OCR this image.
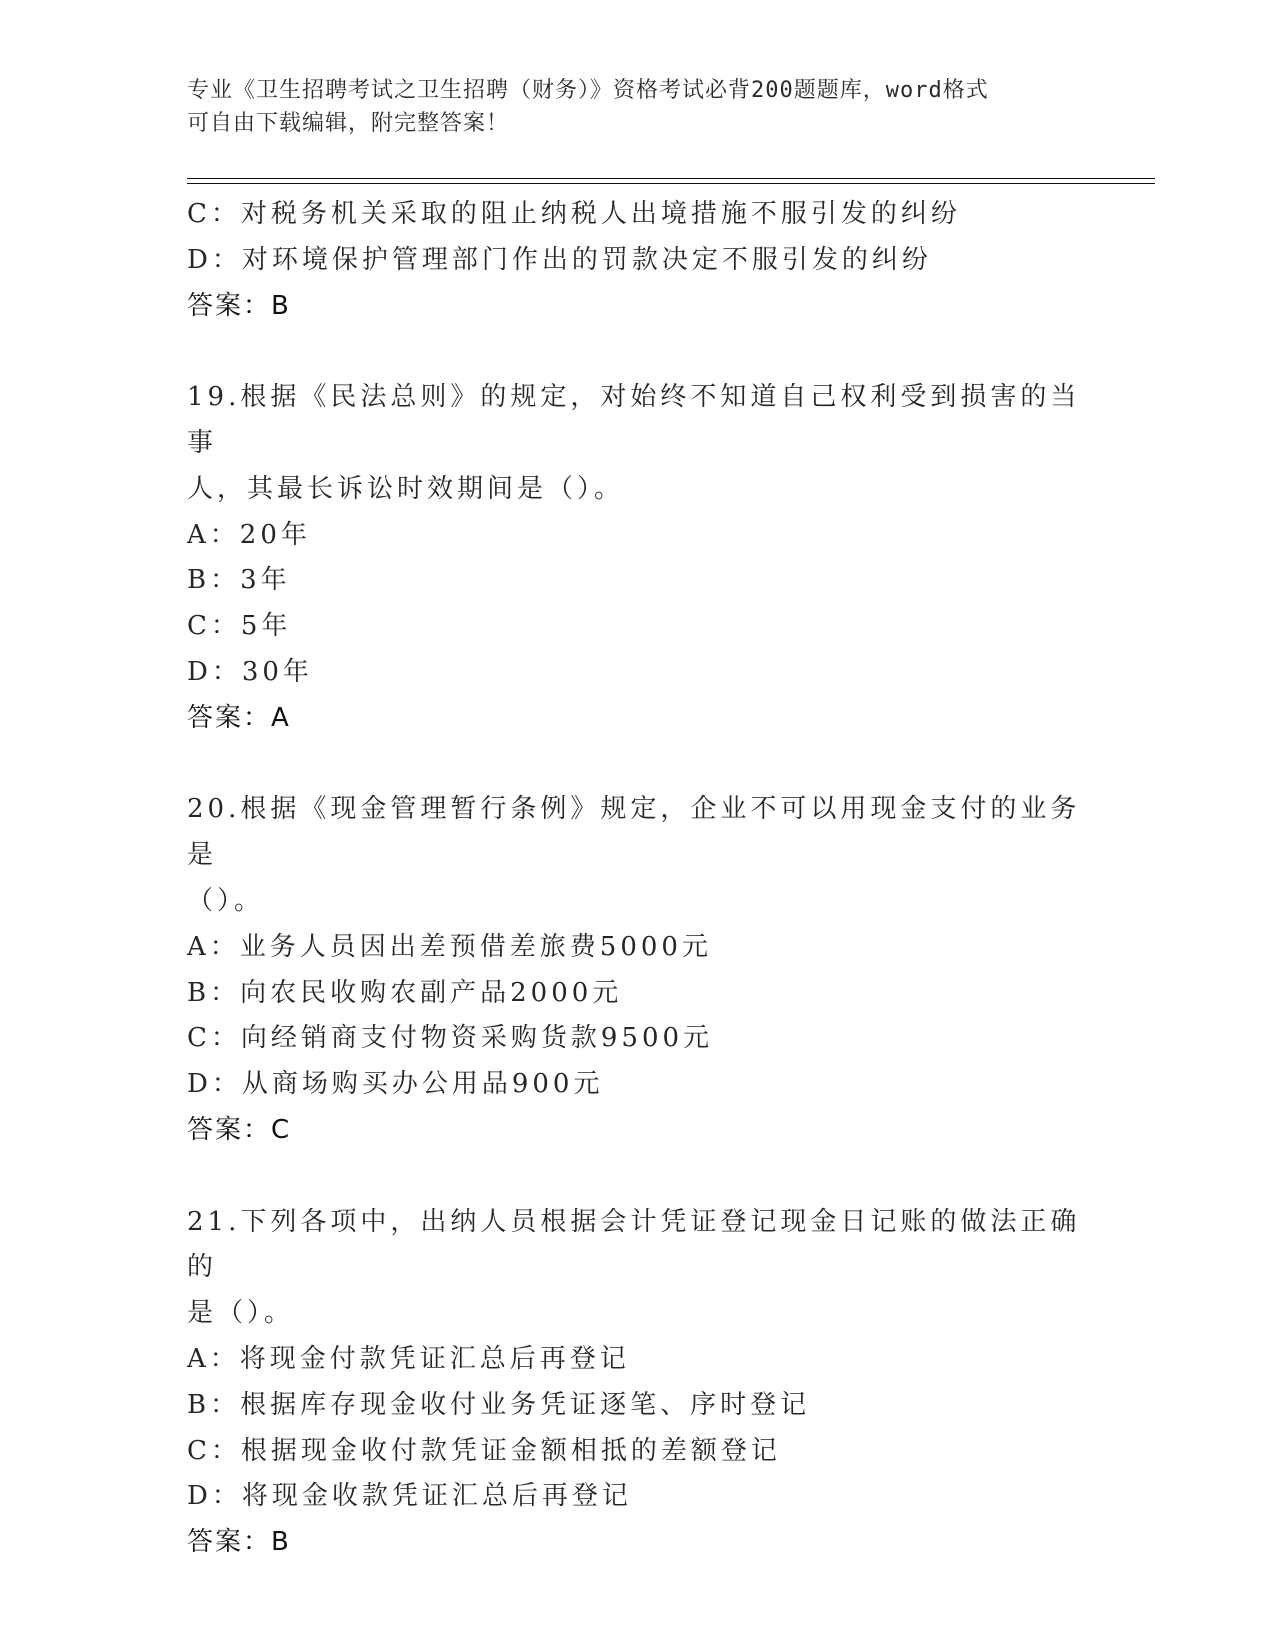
专业《卫生招聘考试之卫生招聘（财务）》资格考试必背200题题库，word格式
可自由下载编辑，附完整答案！
C：对税务机关采取的阻止纳税人出境措施不服引发的纠纷
D：对环境保护管理部门作出的罚款决定不服引发的纠纷
答案：B
19.根据《民法总则》的规定，对始终不知道自己权利受到损害的当事
人，其最长诉讼时效期间是（）。
A：20年
B：3年
C：5年
D：30年
答案：A
20.根据《现金管理暂行条例》规定，企业不可以用现金支付的业务是
（）。
A：业务人员因出差预借差旅费5000元
B：向农民收购农副产品2000元
C：向经销商支付物资采购货款9500元
D：从商场购买办公用品900元
答案：C
21.下列各项中，出纳人员根据会计凭证登记现金日记账的做法正确的
是（）。
A：将现金付款凭证汇总后再登记
B：根据库存现金收付业务凭证逐笔、序时登记
C：根据现金收付款凭证金额相抵的差额登记
D：将现金收款凭证汇总后再登记
答案：B
